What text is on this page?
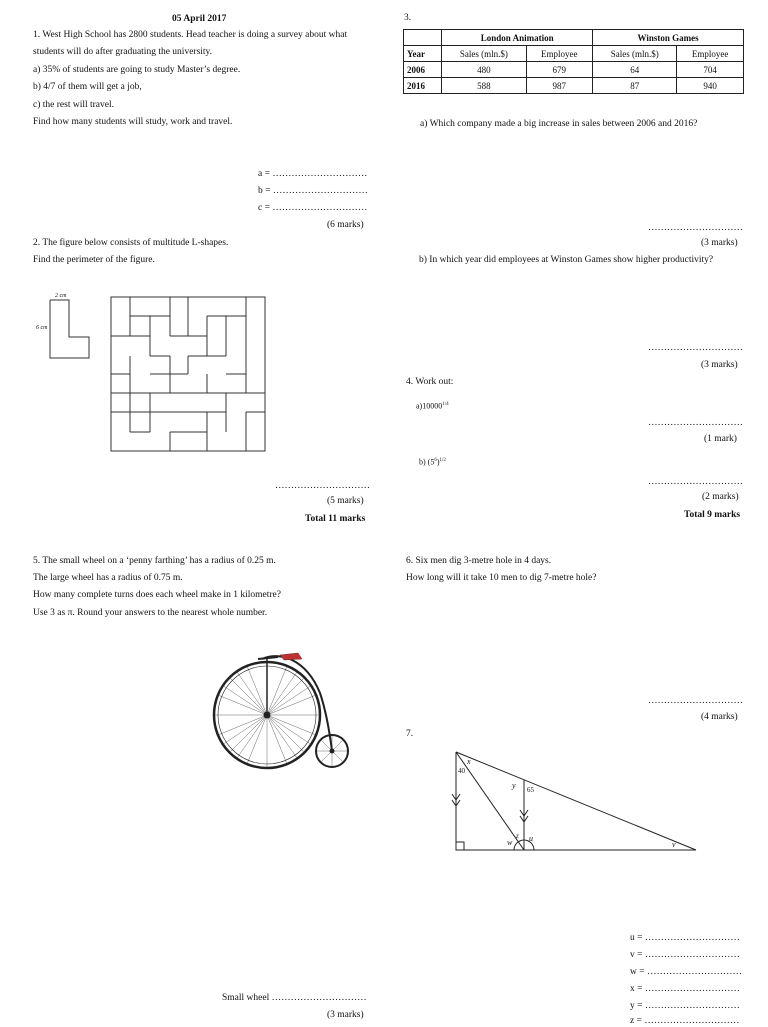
05 April 2017
1. West High School has 2800 students. Head teacher is doing a survey about what
students will do after graduating the university.
a) 35% of students are going to study Master’s degree.
b) 4/7 of them will get a job,
c) the rest will travel.
Find how many students will study, work and travel.
a = …………………………
b = …………………………
c = …………………………
(6 marks)
2. The figure below consists of multitude L-shapes.
Find the perimeter of the figure.
2 cm
6 cm
…………………………
(5 marks)
Total 11 marks
3.
	London Animation		Winston Games	
Year	Sales (mln.$)	Employee	Sales (mln.$)	Employee
2006	480	679	64	704
2016	588	987	87	940
a) Which company made a big increase in sales between 2006 and 2016?
…………………………
(3 marks)
b) In which year did employees at Winston Games show higher productivity?
…………………………
(3 marks)
4. Work out:
$a)10000^{1/4}$
…………………………
(1 mark)
b) $(5^6)^{1/2}$
…………………………
(2 marks)
Total 9 marks
5. The small wheel on a ‘penny farthing’ has a radius of 0.25 m.
The large wheel has a radius of 0.75 m.
How many complete turns does each wheel make in 1 kilometre?
Use 3 as π. Round your answers to the nearest whole number.
Small wheel …………………………
(3 marks)
6. Six men dig 3-metre hole in 4 days.
How long will it take 10 men to dig 7-metre hole?
…………………………
(4 marks)
7.
40
65
x
y
z u
w	v
u = …………………………
v = …………………………
w = …………………………
x = …………………………
y = …………………………
z = …………………………
